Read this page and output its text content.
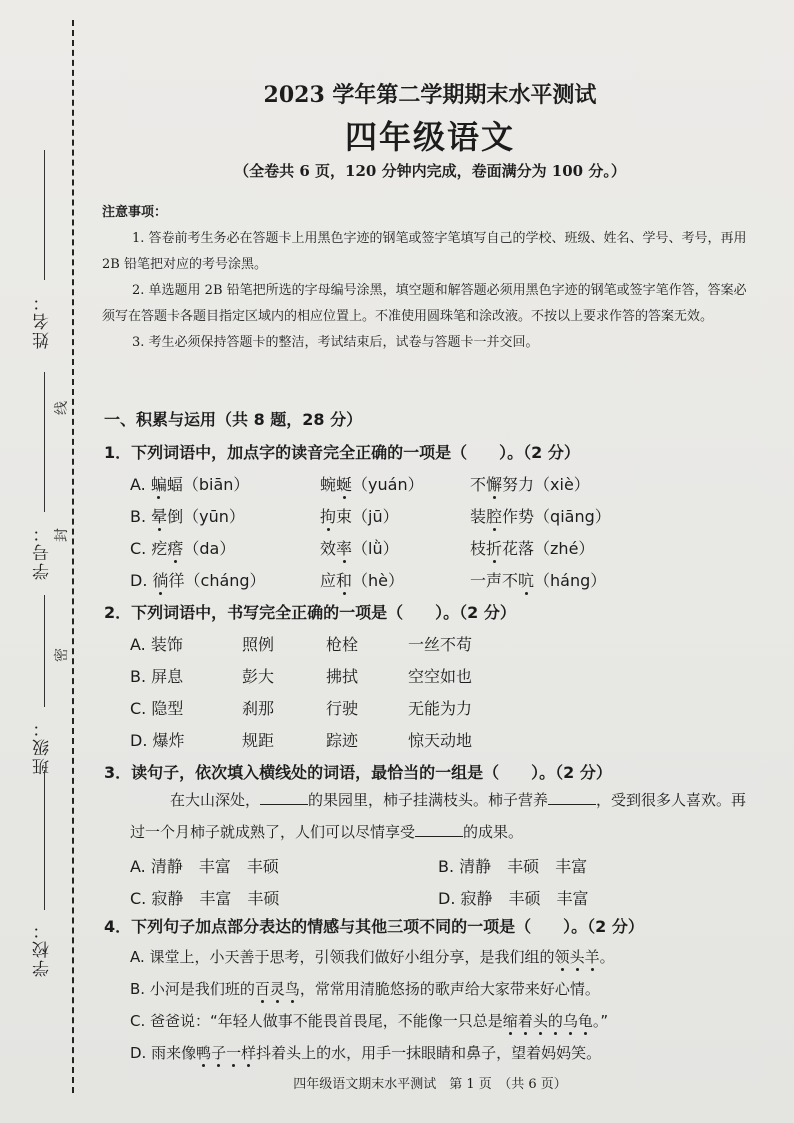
姓名：
线
学号： 封
班级：
密
学校：
2023 学年第二学期期末水平测试
四年级语文
（全卷共 6 页，120 分钟内完成，卷面满分为 100 分。）
注意事项：

1. 答卷前考生务必在答题卡上用黑色字迹的钢笔或签字笔填写自己的学校、班级、姓名、学号、考号，再用 2B 铅笔把对应的考号涂黑。

2. 单选题用 2B 铅笔把所选的字母编号涂黑，填空题和解答题必须用黑色字迹的钢笔或签字笔作答，答案必须写在答题卡各题目指定区域内的相应位置上。不准使用圆珠笔和涂改液。不按以上要求作答的答案无效。

3. 考生必须保持答题卡的整洁，考试结束后，试卷与答题卡一并交回。

一、积累与运用（共 8 题，28 分）
1．下列词语中，加点字的读音完全正确的一项是（　　）。（2 分）
A. 蝙蝠（biān）	蜿蜒（yuán）	不懈努力（xiè）
B. 晕倒（yūn）	拘束（jū）	装腔作势（qiāng）
C. 疙瘩（da）	效率（lǜ）	枝折花落（zhé）
D. 徜徉（cháng）	应和（hè）	一声不吭（háng）
2．下列词语中，书写完全正确的一项是（　　）。（2 分）
A. 装饰	照例	枪栓	一丝不苟
B. 屏息	彭大	拂拭	空空如也
C. 隐型	刹那	行驶	无能为力
D. 爆炸	规距	踪迹	惊天动地
3．读句子，依次填入横线处的词语，最恰当的一组是（　　）。（2 分）
在大山深处，	的果园里，柿子挂满枝头。柿子营养	，受到很多人喜欢。再过一个月柿子就成熟了，人们可以尽情享受	的成果。
A. 清静　丰富　丰硕	B. 清静　丰硕　丰富
C. 寂静　丰富　丰硕	D. 寂静　丰硕　丰富
4．下列句子加点部分表达的情感与其他三项不同的一项是（　　）。（2 分）
A. 课堂上，小天善于思考，引领我们做好小组分享，是我们组的领头羊。
B. 小河是我们班的百灵鸟，常常用清脆悠扬的歌声给大家带来好心情。
C. 爸爸说：“年轻人做事不能畏首畏尾，不能像一只总是缩着头的乌龟。”
D. 雨来像鸭子一样抖着头上的水，用手一抹眼睛和鼻子，望着妈妈笑。
四年级语文期末水平测试　第 1 页　（共 6 页）
